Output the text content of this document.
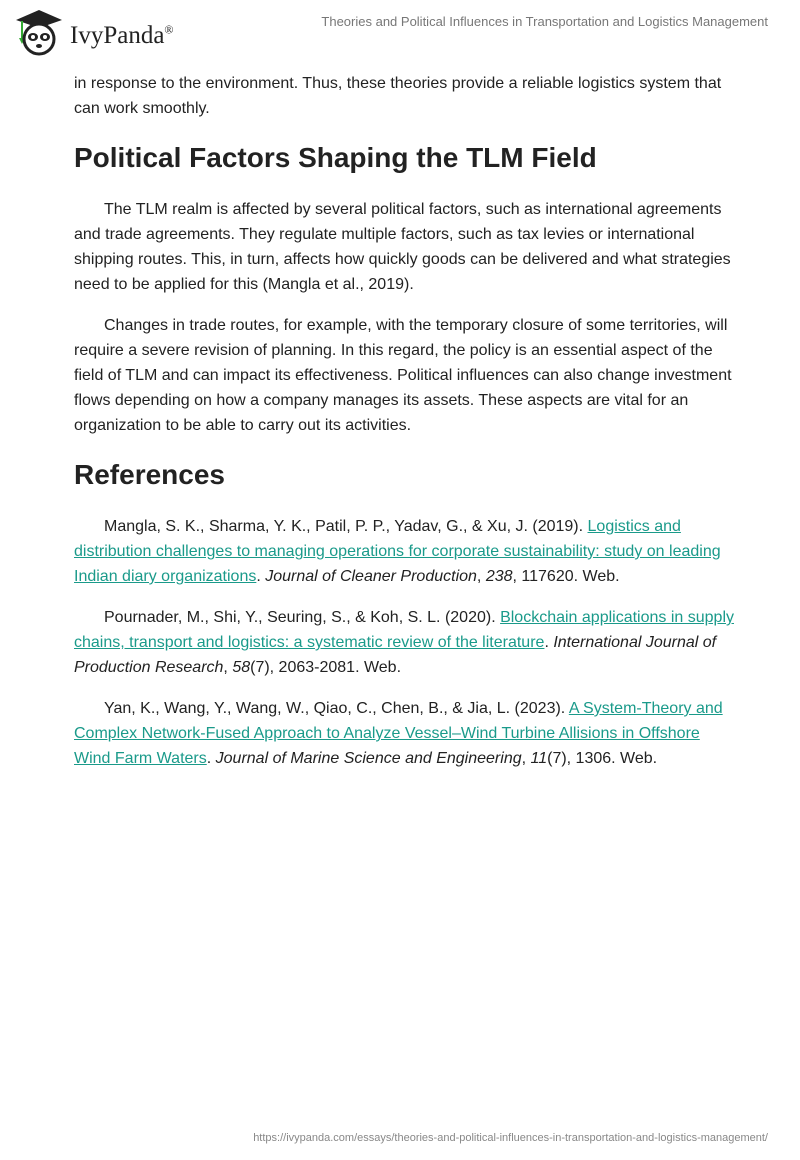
IvyPanda®
Theories and Political Influences in Transportation and Logistics Management

in response to the environment. Thus, these theories provide a reliable logistics system that can work smoothly.

Political Factors Shaping the TLM Field

The TLM realm is affected by several political factors, such as international agreements and trade agreements. They regulate multiple factors, such as tax levies or international shipping routes. This, in turn, affects how quickly goods can be delivered and what strategies need to be applied for this (Mangla et al., 2019).

Changes in trade routes, for example, with the temporary closure of some territories, will require a severe revision of planning. In this regard, the policy is an essential aspect of the field of TLM and can impact its effectiveness. Political influences can also change investment flows depending on how a company manages its assets. These aspects are vital for an organization to be able to carry out its activities.

References

Mangla, S. K., Sharma, Y. K., Patil, P. P., Yadav, G., & Xu, J. (2019). Logistics and distribution challenges to managing operations for corporate sustainability: study on leading Indian diary organizations. Journal of Cleaner Production, 238, 117620. Web.

Pournader, M., Shi, Y., Seuring, S., & Koh, S. L. (2020). Blockchain applications in supply chains, transport and logistics: a systematic review of the literature. International Journal of Production Research, 58(7), 2063-2081. Web.

Yan, K., Wang, Y., Wang, W., Qiao, C., Chen, B., & Jia, L. (2023). A System-Theory and Complex Network-Fused Approach to Analyze Vessel–Wind Turbine Allisions in Offshore Wind Farm Waters. Journal of Marine Science and Engineering, 11(7), 1306. Web.

https://ivypanda.com/essays/theories-and-political-influences-in-transportation-and-logistics-management/
